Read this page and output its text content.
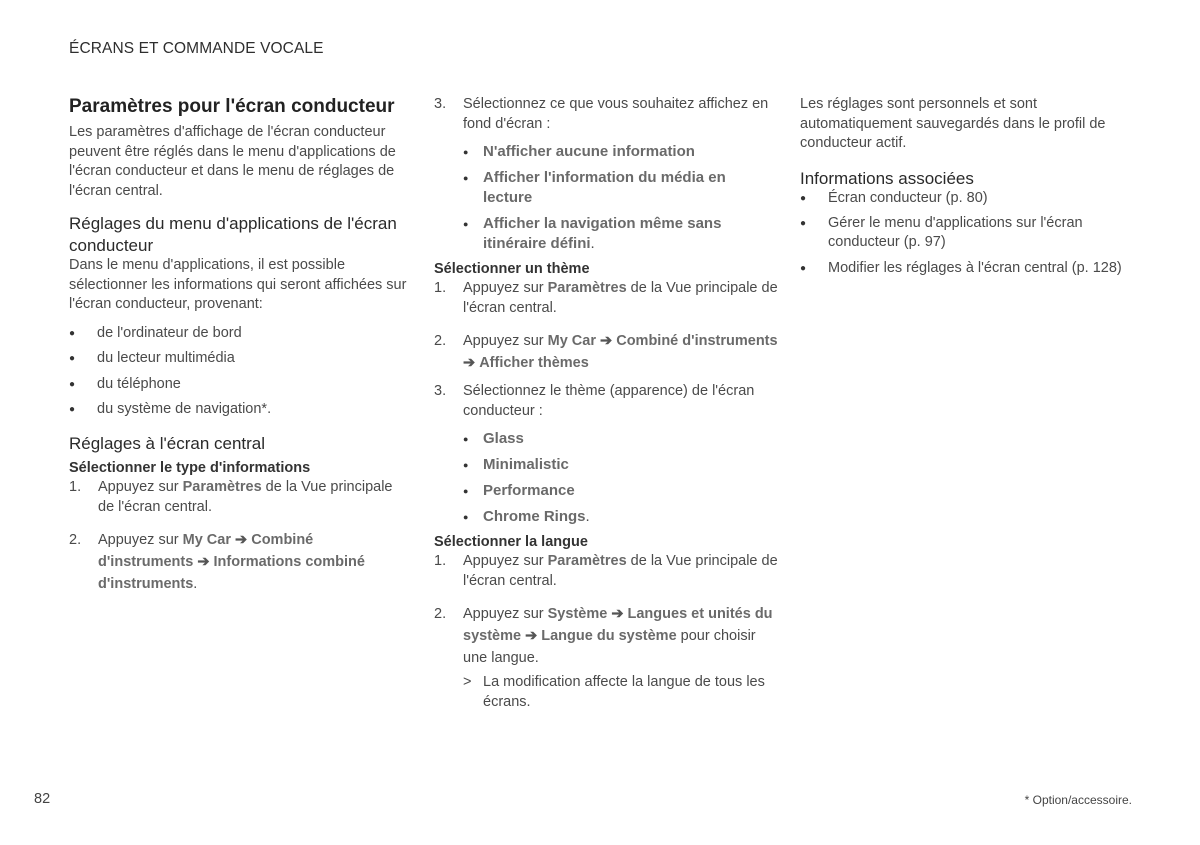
ÉCRANS ET COMMANDE VOCALE
Paramètres pour l'écran conducteur

Les paramètres d'affichage de l'écran conducteur peuvent être réglés dans le menu d'applications de l'écran conducteur et dans le menu de réglages de l'écran central.

Réglages du menu d'applications de l'écran conducteur

Dans le menu d'applications, il est possible sélectionner les informations qui seront affichées sur l'écran conducteur, provenant:

● de l'ordinateur de bord
● du lecteur multimédia
● du téléphone
● du système de navigation*.
Réglages à l'écran central
Sélectionner le type d'informations
1. Appuyez sur Paramètres de la Vue principale de l'écran central.
2. Appuyez sur My Car ➔ Combiné d'instruments ➔ Informations combiné d'instruments.
3. Sélectionnez ce que vous souhaitez affichez en fond d'écran :
● N'afficher aucune information
● Afficher l'information du média en lecture
● Afficher la navigation même sans itinéraire défini.
Sélectionner un thème
1. Appuyez sur Paramètres de la Vue principale de l'écran central.
2. Appuyez sur My Car ➔ Combiné d'instruments ➔ Afficher thèmes
3. Sélectionnez le thème (apparence) de l'écran conducteur :
● Glass
● Minimalistic
● Performance
● Chrome Rings.
Sélectionner la langue
1. Appuyez sur Paramètres de la Vue principale de l'écran central.
2. Appuyez sur Système ➔ Langues et unités du système ➔ Langue du système pour choisir une langue.
> La modification affecte la langue de tous les écrans.

Les réglages sont personnels et sont automatiquement sauvegardés dans le profil de conducteur actif.

Informations associées
● Écran conducteur (p. 80)
● Gérer le menu d'applications sur l'écran conducteur (p. 97)
● Modifier les réglages à l'écran central (p. 128)
82	* Option/accessoire.
